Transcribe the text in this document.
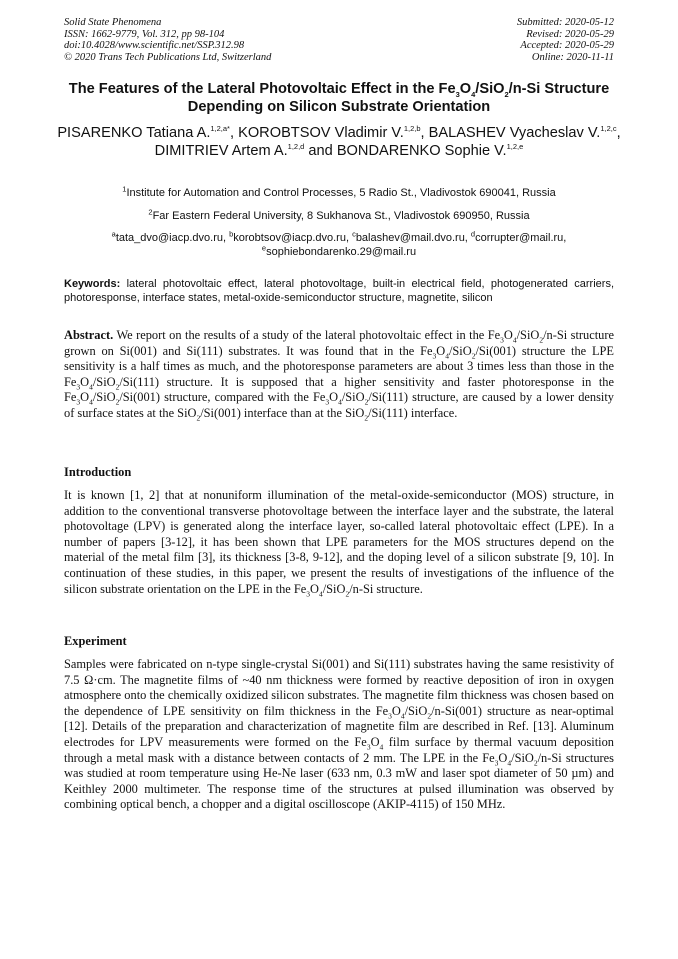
Solid State Phenomena
ISSN: 1662-9779, Vol. 312, pp 98-104
doi:10.4028/www.scientific.net/SSP.312.98
© 2020 Trans Tech Publications Ltd, Switzerland
Submitted: 2020-05-12
Revised: 2020-05-29
Accepted: 2020-05-29
Online: 2020-11-11
The Features of the Lateral Photovoltaic Effect in the $Fe_3O_4/SiO_2/n-Si$ Structure Depending on Silicon Substrate Orientation
PISARENKO Tatiana A.$^{1,2,a*}$, KOROBTSOV Vladimir V.$^{1,2,b}$, BALASHEV Vyacheslav V.$^{1,2,c}$, DIMITRIEV Artem A.$^{1,2,d}$ and BONDARENKO Sophie V.$^{1,2,e}$
$^1$Institute for Automation and Control Processes, 5 Radio St., Vladivostok 690041, Russia
$^2$Far Eastern Federal University, 8 Sukhanova St., Vladivostok 690950, Russia
$^a$tata_dvo@iacp.dvo.ru, $^b$korobtsov@iacp.dvo.ru, $^c$balashev@mail.dvo.ru, $^d$corrupter@mail.ru,
$^e$sophiebondarenko.29@mail.ru
Keywords: lateral photovoltaic effect, lateral photovoltage, built-in electrical field, photogenerated carriers, photoresponse, interface states, metal-oxide-semiconductor structure, magnetite, silicon
Abstract. We report on the results of a study of the lateral photovoltaic effect in the $Fe_3O_4/SiO_2/n-Si$ structure grown on Si(001) and Si(111) substrates. It was found that in the $Fe_3O_4/SiO_2/Si(001)$ structure the LPE sensitivity is a half times as much, and the photoresponse parameters are about 3 times less than those in the $Fe_3O_4/SiO_2/Si(111)$ structure. It is supposed that a higher sensitivity and faster photoresponse in the $Fe_3O_4/SiO_2/Si(001)$ structure, compared with the $Fe_3O_4/SiO_2/Si(111)$ structure, are caused by a lower density of surface states at the SiO$_2$/Si(001) interface than at the SiO$_2$/Si(111) interface.
Introduction
It is known [1, 2] that at nonuniform illumination of the metal-oxide-semiconductor (MOS) structure, in addition to the conventional transverse photovoltage between the interface layer and the substrate, the lateral photovoltage (LPV) is generated along the interface layer, so-called lateral photovoltaic effect (LPE). In a number of papers [3-12], it has been shown that LPE parameters for the MOS structures depend on the material of the metal film [3], its thickness [3-8, 9-12], and the doping level of a silicon substrate [9, 10]. In continuation of these studies, in this paper, we present the results of investigations of the influence of the silicon substrate orientation on the LPE in the $Fe_3O_4/SiO_2/n-Si$ structure.
Experiment
Samples were fabricated on n-type single-crystal Si(001) and Si(111) substrates having the same resistivity of 7.5 Ω·cm. The magnetite films of ~40 nm thickness were formed by reactive deposition of iron in oxygen atmosphere onto the chemically oxidized silicon substrates. The magnetite film thickness was chosen based on the dependence of LPE sensitivity on film thickness in the $Fe_3O_4/SiO_2/n-Si(001)$ structure as near-optimal [12]. Details of the preparation and characterization of magnetite film are described in Ref. [13]. Aluminum electrodes for LPV measurements were formed on the $Fe_3O_4$ film surface by thermal vacuum deposition through a metal mask with a distance between contacts of 2 mm. The LPE in the $Fe_3O_4/SiO_2/n-Si$ structures was studied at room temperature using He-Ne laser (633 nm, 0.3 mW and laser spot diameter of 50 µm) and Keithley 2000 multimeter. The response time of the structures at pulsed illumination was observed by combining optical bench, a chopper and a digital oscilloscope (AKIP-4115) of 150 MHz.
